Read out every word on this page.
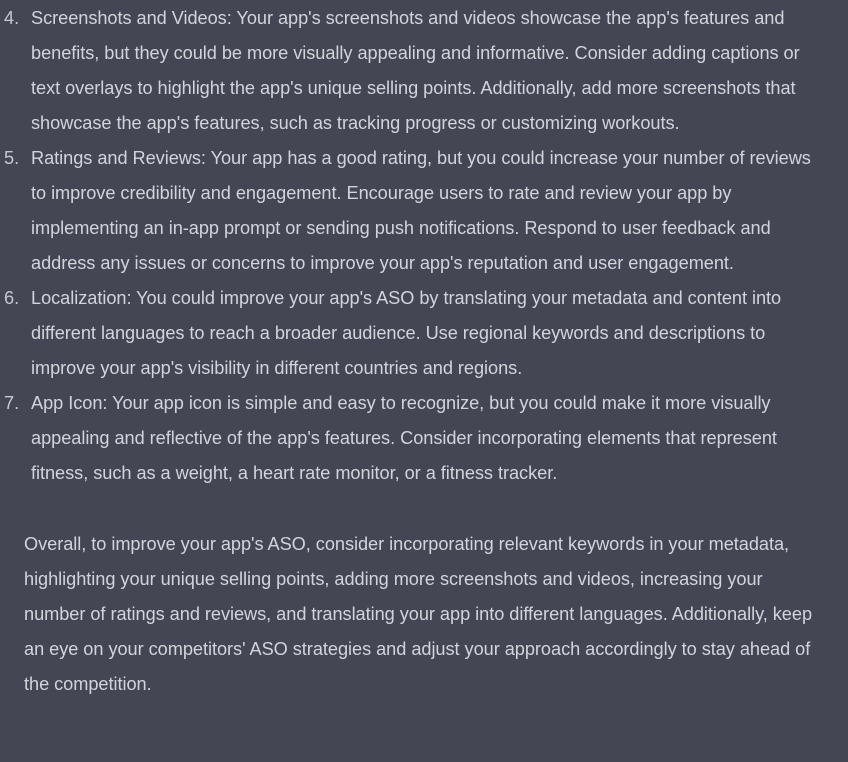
4. Screenshots and Videos: Your app's screenshots and videos showcase the app's features and benefits, but they could be more visually appealing and informative. Consider adding captions or text overlays to highlight the app's unique selling points. Additionally, add more screenshots that showcase the app's features, such as tracking progress or customizing workouts.
5. Ratings and Reviews: Your app has a good rating, but you could increase your number of reviews to improve credibility and engagement. Encourage users to rate and review your app by implementing an in-app prompt or sending push notifications. Respond to user feedback and address any issues or concerns to improve your app's reputation and user engagement.
6. Localization: You could improve your app's ASO by translating your metadata and content into different languages to reach a broader audience. Use regional keywords and descriptions to improve your app's visibility in different countries and regions.
7. App Icon: Your app icon is simple and easy to recognize, but you could make it more visually appealing and reflective of the app's features. Consider incorporating elements that represent fitness, such as a weight, a heart rate monitor, or a fitness tracker.

Overall, to improve your app's ASO, consider incorporating relevant keywords in your metadata, highlighting your unique selling points, adding more screenshots and videos, increasing your number of ratings and reviews, and translating your app into different languages. Additionally, keep an eye on your competitors' ASO strategies and adjust your approach accordingly to stay ahead of the competition.
